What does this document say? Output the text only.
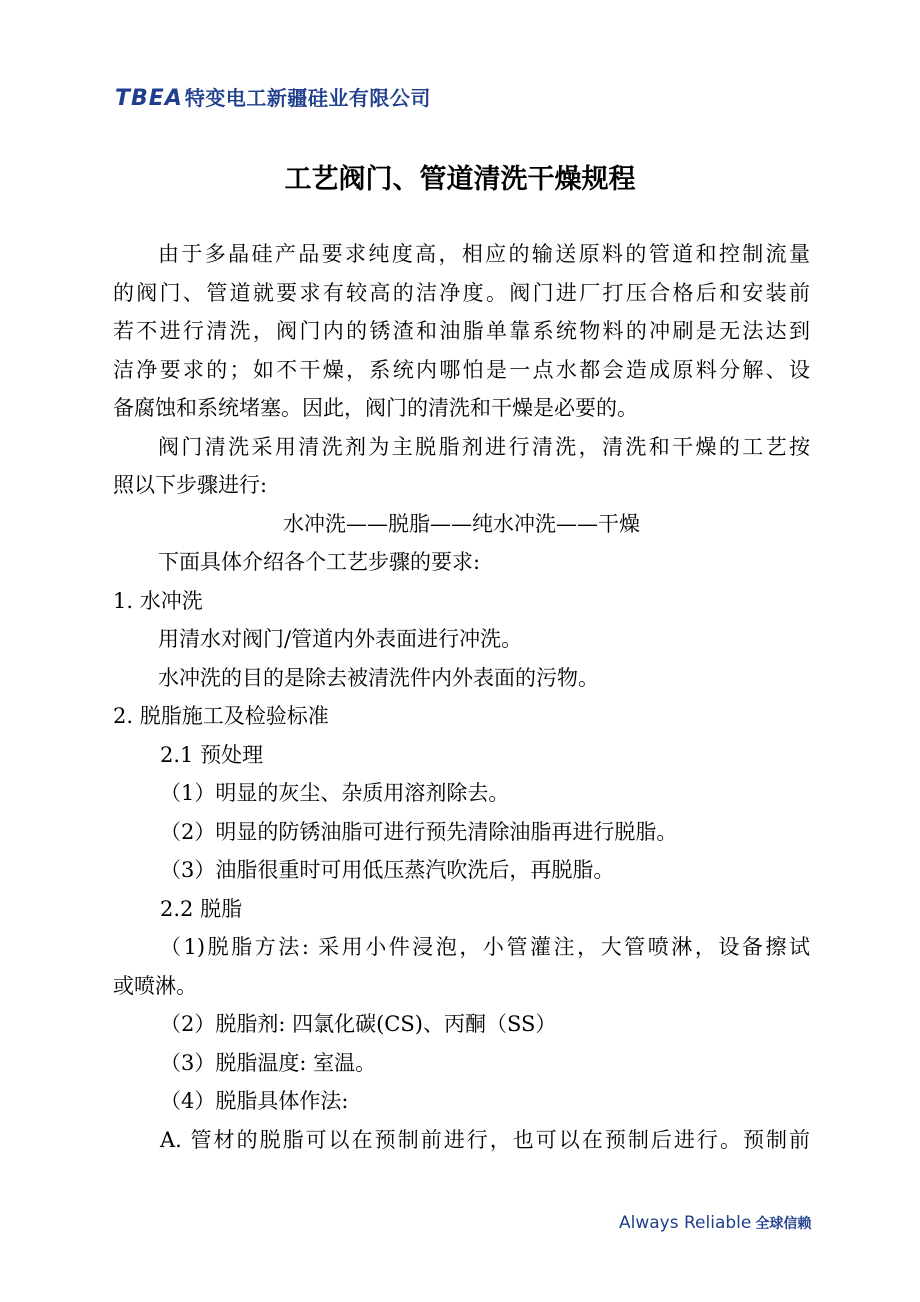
TBEA 特变电工新疆硅业有限公司
工艺阀门、管道清洗干燥规程
由于多晶硅产品要求纯度高，相应的输送原料的管道和控制流量
的阀门、管道就要求有较高的洁净度。阀门进厂打压合格后和安装前
若不进行清洗，阀门内的锈渣和油脂单靠系统物料的冲刷是无法达到
洁净要求的；如不干燥，系统内哪怕是一点水都会造成原料分解、设
备腐蚀和系统堵塞。因此，阀门的清洗和干燥是必要的。
阀门清洗采用清洗剂为主脱脂剂进行清洗，清洗和干燥的工艺按
照以下步骤进行:
水冲洗——脱脂——纯水冲洗——干燥
下面具体介绍各个工艺步骤的要求:
1. 水冲洗
用清水对阀门/管道内外表面进行冲洗。
水冲洗的目的是除去被清洗件内外表面的污物。
2. 脱脂施工及检验标准
2.1 预处理
（1）明显的灰尘、杂质用溶剂除去。
（2）明显的防锈油脂可进行预先清除油脂再进行脱脂。
（3）油脂很重时可用低压蒸汽吹洗后，再脱脂。
2.2 脱脂
（1)脱脂方法: 采用小件浸泡，小管灌注，大管喷淋，设备擦试
或喷淋。
（2）脱脂剂: 四氯化碳(CS)、丙酮（SS）
（3）脱脂温度: 室温。
（4）脱脂具体作法:
A. 管材的脱脂可以在预制前进行，也可以在预制后进行。预制前
Always Reliable 全球信赖
